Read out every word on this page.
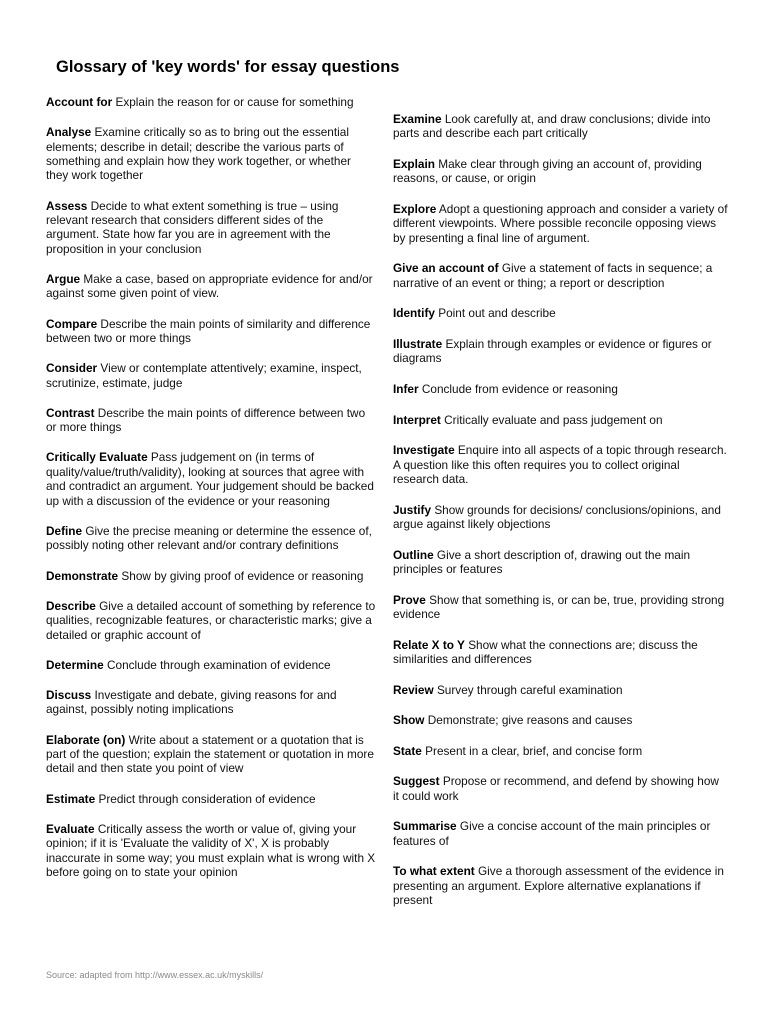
Glossary of 'key words' for essay questions

Account for Explain the reason for or cause for something

Analyse Examine critically so as to bring out the essential elements; describe in detail; describe the various parts of something and explain how they work together, or whether they work together

Assess Decide to what extent something is true – using relevant research that considers different sides of the argument. State how far you are in agreement with the proposition in your conclusion

Argue Make a case, based on appropriate evidence for and/or against some given point of view.

Compare Describe the main points of similarity and difference between two or more things

Consider View or contemplate attentively; examine, inspect, scrutinize, estimate, judge

Contrast Describe the main points of difference between two or more things

Critically Evaluate Pass judgement on (in terms of quality/value/truth/validity), looking at sources that agree with and contradict an argument. Your judgement should be backed up with a discussion of the evidence or your reasoning

Define Give the precise meaning or determine the essence of, possibly noting other relevant and/or contrary definitions

Demonstrate Show by giving proof of evidence or reasoning

Describe Give a detailed account of something by reference to qualities, recognizable features, or characteristic marks; give a detailed or graphic account of

Determine Conclude through examination of evidence

Discuss Investigate and debate, giving reasons for and against, possibly noting implications

Elaborate (on) Write about a statement or a quotation that is part of the question; explain the statement or quotation in more detail and then state you point of view

Estimate Predict through consideration of evidence

Evaluate Critically assess the worth or value of, giving your opinion; if it is 'Evaluate the validity of X', X is probably inaccurate in some way; you must explain what is wrong with X before going on to state your opinion

Examine Look carefully at, and draw conclusions; divide into parts and describe each part critically

Explain Make clear through giving an account of, providing reasons, or cause, or origin

Explore Adopt a questioning approach and consider a variety of different viewpoints. Where possible reconcile opposing views by presenting a final line of argument.

Give an account of Give a statement of facts in sequence; a narrative of an event or thing; a report or description

Identify Point out and describe

Illustrate Explain through examples or evidence or figures or diagrams

Infer Conclude from evidence or reasoning

Interpret Critically evaluate and pass judgement on

Investigate Enquire into all aspects of a topic through research. A question like this often requires you to collect original research data.

Justify Show grounds for decisions/ conclusions/opinions, and argue against likely objections

Outline Give a short description of, drawing out the main principles or features

Prove Show that something is, or can be, true, providing strong evidence

Relate X to Y Show what the connections are; discuss the similarities and differences

Review Survey through careful examination

Show Demonstrate; give reasons and causes

State Present in a clear, brief, and concise form

Suggest Propose or recommend, and defend by showing how it could work

Summarise Give a concise account of the main principles or features of

To what extent Give a thorough assessment of the evidence in presenting an argument. Explore alternative explanations if present

Source: adapted from http://www.essex.ac.uk/myskills/
